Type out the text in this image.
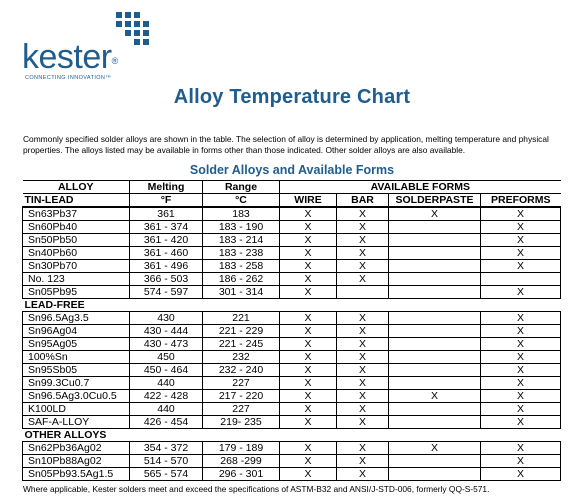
kester®
CONNECTING INNOVATION™
Alloy Temperature Chart
Commonly specified solder alloys are shown in the table. The selection of alloy is determined by application, melting temperature and physical properties. The alloys listed may be available in forms other than those indicated. Other solder alloys are also available.
Solder Alloys and Available Forms
ALLOY	Melting	Range	AVAILABLE FORMS			
TIN-LEAD	°F	°C	WIRE	BAR	SOLDERPASTE	PREFORMS
Sn63Pb37	361	183	X	X	X	X
Sn60Pb40	361 - 374	183 - 190	X	X		X
Sn50Pb50	361 - 420	183 - 214	X	X		X
Sn40Pb60	361 - 460	183 - 238	X	X		X
Sn30Pb70	361 - 496	183 - 258	X	X		X
No. 123	366 - 503	186 - 262	X	X		
Sn05Pb95	574 - 597	301 - 314	X			X
LEAD-FREE						
Sn96.5Ag3.5	430	221	X	X		X
Sn96Ag04	430 - 444	221 - 229	X	X		X
Sn95Ag05	430 - 473	221 - 245	X	X		X
100%Sn	450	232	X	X		X
Sn95Sb05	450 - 464	232 - 240	X	X		X
Sn99.3Cu0.7	440	227	X	X		X
Sn96.5Ag3.0Cu0.5	422 - 428	217 - 220	X	X	X	X
K100LD	440	227	X	X		X
SAF-A-LLOY	426 - 454	219- 235	X	X		X
OTHER ALLOYS						
Sn62Pb36Ag02	354 - 372	179 - 189	X	X	X	X
Sn10Pb88Ag02	514 - 570	268 -299	X	X		X
Sn05Pb93.5Ag1.5	565 - 574	296 - 301	X	X		X
Where applicable, Kester solders meet and exceed the specifications of ASTM-B32 and ANSI/J-STD-006, formerly QQ-S-571.
